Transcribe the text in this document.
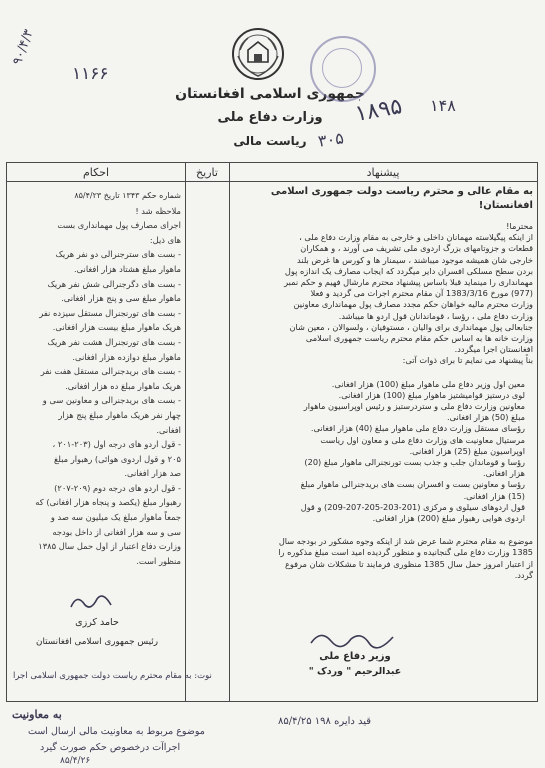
جمهوری اسلامی افغانستان
وزارت دفاع ملی
ریاست مالی
۱۱۶۶
۹۰/۴/۳
۱۴۸
۱۸۹۵
۳۰۵
احکام	تاریخ	پیشنهاد

به مقام عالی و محترم ریاست دولت جمهوری اسلامی افغانستان!

محترما!

از اینکه پیگیلاسته مهمانان داخلی و خارجی به مقام وزارت دفاع ملی ،

قطعات و جزوتامهای بزرگ اردوی ملی تشریف می آورند ، و همکاران

خارجی شان همیشه موجود میباشند ، سیمنار ها و کورس ها غرض بلند

بردن سطح مسلکی افسران دایر میگردد که ایجاب مصارف یک اندازه پول

مهمانداری را مینماید قبلا باساس پیشنهاد محترم مارشال فهیم و حکم نمبر

(977) مورخ 1383/3/16 آن مقام محترم اجرات می گردید و فعلا

وزارت محترم مالیه خواهان حکم مجدد مصارف پول مهمانداری معاونین

وزارت دفاع ملی ، رؤسا ، قوماندانان قول اردو ها میباشد.

جنابعالی پول مهمانداری برای والیان ، مستوفیان ، ولسوالان ، معین شان

وزارت خانه ها به اساس حکم مقام محترم ریاست جمهوری اسلامی

افغانستان اجرا میگردد.

بناً پیشنهاد می نمایم تا برای ذوات آتی:

معین اول وزیر دفاع ملی ماهوار مبلغ (100) هزار افغانی.

لوی درستیز قوامیشتیز ماهوار مبلغ (100) هزار افغانی.

معاونین وزارت دفاع ملی و ستردرستیز و رئیس اوپراسیون ماهوار

مبلغ (50) هزار افغانی.

رؤسای مستقل وزارت دفاع ملی ماهوار مبلغ (40) هزار افغانی.

مرستیال معاونیت های وزارت دفاع ملی و معاون اول ریاست

اوپراسیون مبلغ (25) هزار افغانی.

رؤسا و قوماندان جلب و جذب بست تورنجنرالی ماهوار مبلغ (20)

هزار افغانی.

رؤسا و معاونین بست و افسران بست های بریدجنرالی ماهوار مبلغ

(15) هزار افغانی.

قول اردوهای سیلوی و مرکزی (201-203-205-207-209) و قول

اردوی هوایی رهبوار مبلغ (200) هزار افغانی.

موضوع به مقام محترم شما عرض شد از اینکه وجوه مشکور در بودجه سال

1385 وزارت دفاع ملی گنجانیده و منظور گردیده امید است مبلغ مذکوره را

از اعتبار امروز حمل سال 1385 منظوری فرمایند تا مشکلات شان مرفوع

گردد.

وزیر دفاع ملی
عبدالرحیم " وردک "

شماره حکم ۱۳۴۳ تاریخ ۸۵/۴/۲۳

ملاحظه شد !

اجرای مصارف پول مهمانداری بست

های ذیل:

- بست های سترجنرالی دو نفر هریک

ماهوار مبلغ هشتاد هزار افغانی.

- بست های دگرجنرالی شش نفر هریک

ماهوار مبلغ سی و پنج هزار افغانی.

- بست های تورنجنرال مستقل سیزده نفر

هریک ماهوار مبلغ بیست هزار افغانی.

- بست های تورنجنرال هشت نفر هریک

ماهوار مبلغ دوازده هزار افغانی.

- بست های بریدجنرالی مستقل هفت نفر

هریک ماهوار مبلغ ده هزار افغانی.

- بست های بریدجنرالی و معاونین سی و

چهار نفر هریک ماهوار مبلغ پنج هزار

افغانی.

- قول اردو های درجه اول (۲۰۳-۲۰۱ ،

۲۰۵ و قول اردوی هوائی) رهبوار مبلغ

صد هزار افغانی.

- قول اردو های درجه دوم (۲۰۹-۲۰۷)

رهبوار مبلغ (یکصد و پنجاه هزار افغانی) که

جمعاً ماهوار مبلغ یک میلیون سه صد و

سی و سه هزار افغانی از داخل بودجه

وزارت دفاع اعتبار از اول حمل سال ۱۳۸۵

منظور است.

حامد کرزی
رئیس جمهوری اسلامی افغانستان
نوت: به مقام محترم ریاست دولت جمهوری اسلامی اجرا
قید دایره ۱۹۸ ۸۵/۴/۲۵
به معاونیت
موضوع مربوط به معاونیت مالی ارسال است
اجراآت درخصوص حکم صورت گیرد
۸۵/۴/۲۶
